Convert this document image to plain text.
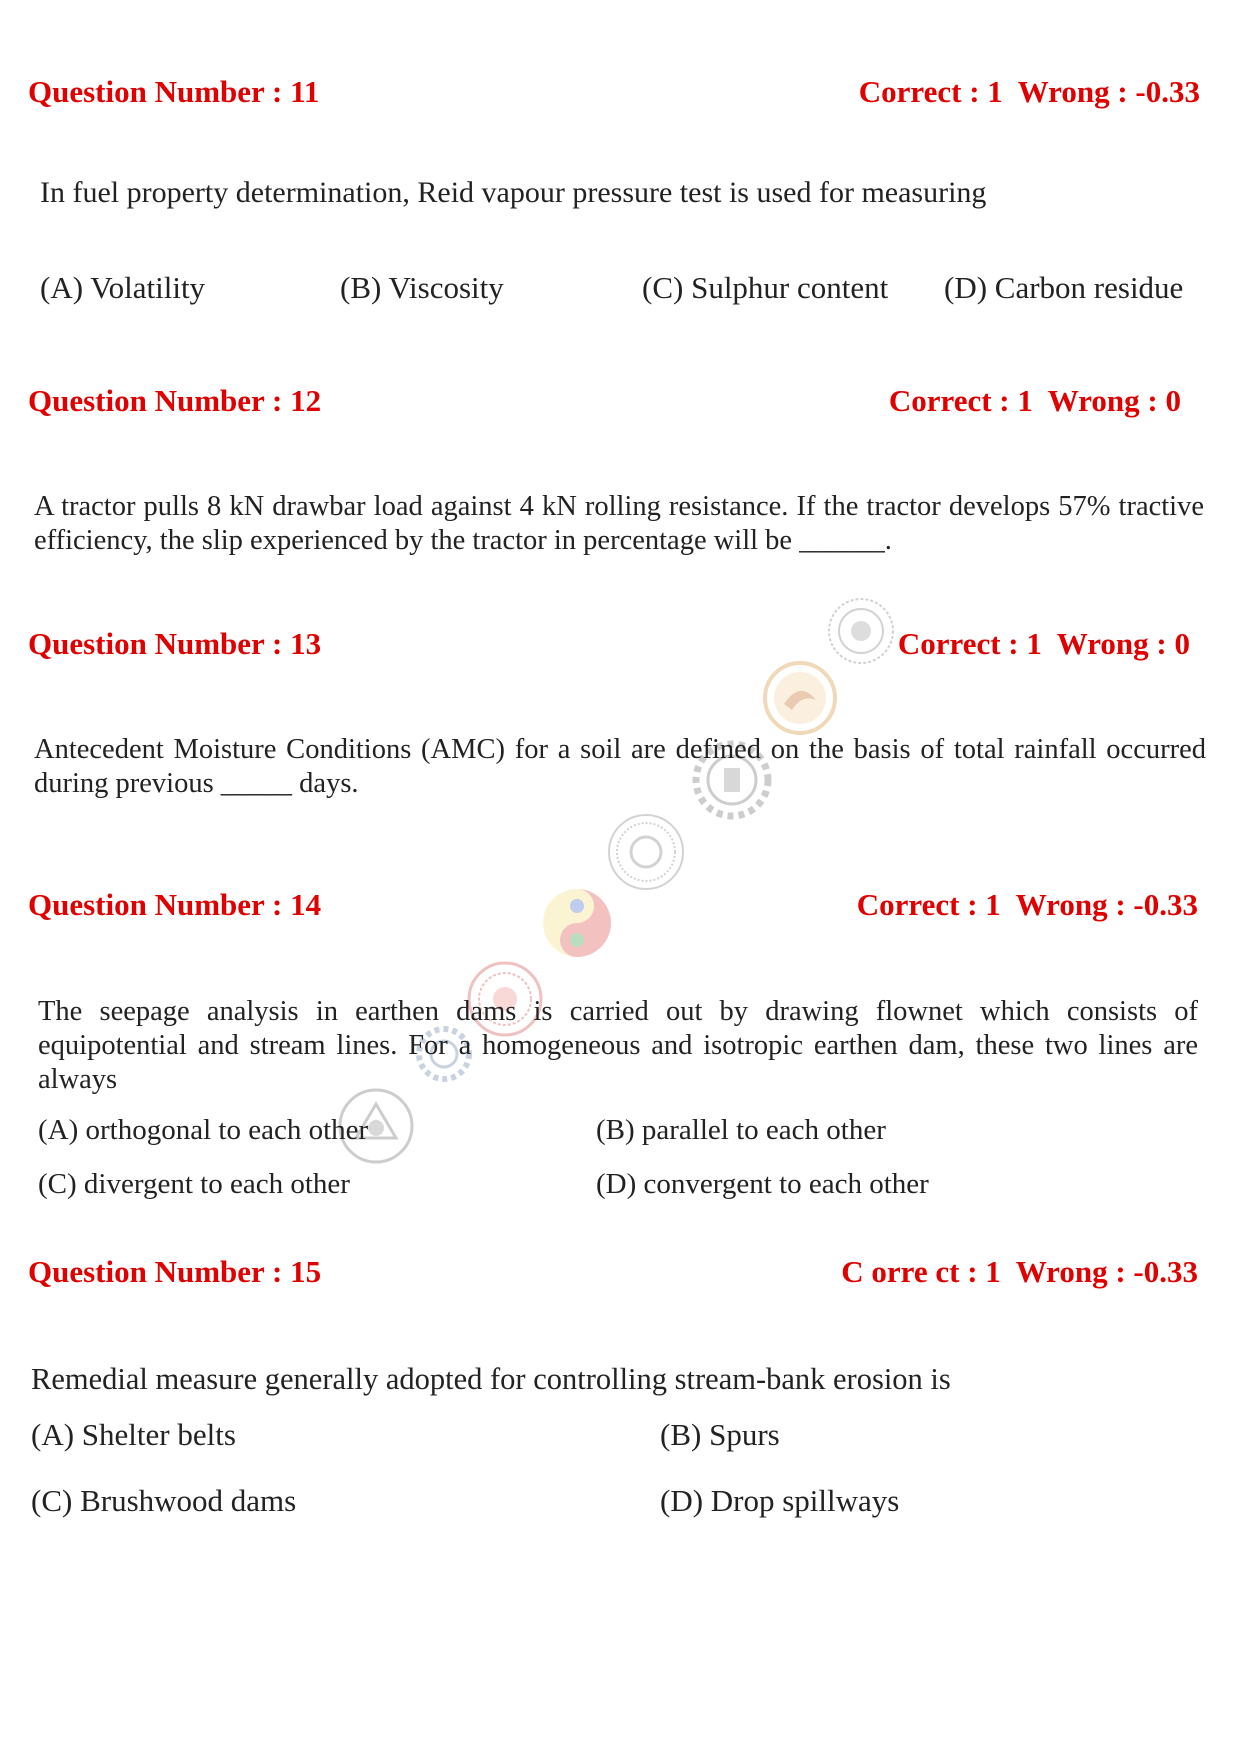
Question Number : 11	Correct : 1  Wrong : -0.33
In fuel property determination, Reid vapour pressure test is used for measuring
(A) Volatility	(B) Viscosity	(C) Sulphur content (D) Carbon residue
Question Number : 12	Correct : 1  Wrong : 0
A tractor pulls 8 kN drawbar load against 4 kN rolling resistance. If the tractor develops 57% tractive efficiency, the slip experienced by the tractor in percentage will be ______.
Question Number : 13	Correct : 1  Wrong : 0
Antecedent Moisture Conditions (AMC) for a soil are defined on the basis of total rainfall occurred during previous _____ days.
Question Number : 14	Correct : 1  Wrong : -0.33
The seepage analysis in earthen dams is carried out by drawing flownet which consists of equipotential and stream lines. For a homogeneous and isotropic earthen dam, these two lines are always
(A) orthogonal to each other	(B) parallel to each other
(C) divergent to each other	(D) convergent to each other
Question Number : 15	C orre ct : 1  Wrong : -0.33
Remedial measure generally adopted for controlling stream-bank erosion is
(A) Shelter belts	(B) Spurs
(C) Brushwood dams	(D) Drop spillways
